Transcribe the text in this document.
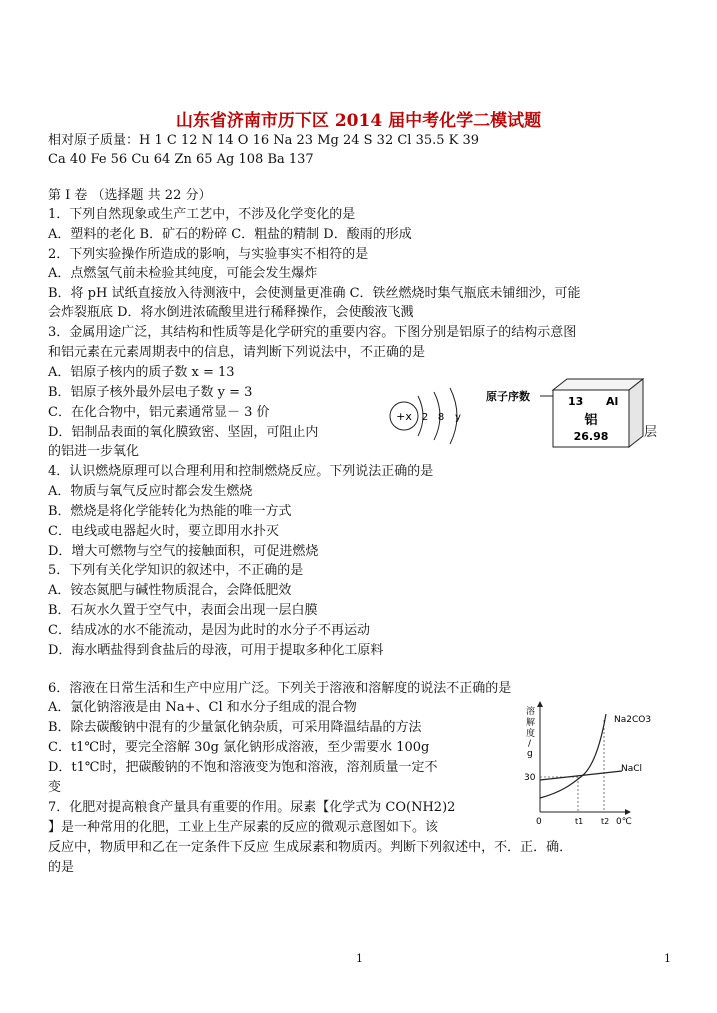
山东省济南市历下区 2014 届中考化学二模试题
相对原子质量：H 1 C 12 N 14 O 16 Na 23 Mg 24 S 32 Cl 35.5 K 39
Ca 40 Fe 56 Cu 64 Zn 65 Ag 108 Ba 137
第 I 卷 （选择题 共 22 分）
1．下列自然现象或生产工艺中，不涉及化学变化的是
A．塑料的老化 B．矿石的粉碎 C．粗盐的精制 D．酸雨的形成
2．下列实验操作所造成的影响，与实验事实不相符的是
A．点燃氢气前未检验其纯度，可能会发生爆炸
B．将 pH 试纸直接放入待测液中，会使测量更准确 C．铁丝燃烧时集气瓶底未铺细沙，可能
会炸裂瓶底 D．将水倒进浓硫酸里进行稀释操作，会使酸液飞溅
3．金属用途广泛，其结构和性质等是化学研究的重要内容。下图分别是铝原子的结构示意图
和铝元素在元素周期表中的信息，请判断下列说法中，不正确的是
A．铝原子核内的质子数 x = 13
B．铝原子核外最外层电子数 y = 3
C．在化合物中，铝元素通常显－ 3 价
D．铝制品表面的氧化膜致密、坚固，可阻止内	层
的铝进一步氧化
+x 2 8 y
原子序数	13 Al
铝
26.98
4．认识燃烧原理可以合理利用和控制燃烧反应。下列说法正确的是
A．物质与氧气反应时都会发生燃烧
B．燃烧是将化学能转化为热能的唯一方式
C．电线或电器起火时，要立即用水扑灭
D．增大可燃物与空气的接触面积，可促进燃烧
5．下列有关化学知识的叙述中，不正确的是
A．铵态氮肥与碱性物质混合，会降低肥效
B．石灰水久置于空气中，表面会出现一层白膜
C．结成冰的水不能流动，是因为此时的水分子不再运动
D．海水晒盐得到食盐后的母液，可用于提取多种化工原料
6．溶液在日常生活和生产中应用广泛。下列关于溶液和溶解度的说法不正确的是
A．氯化钠溶液是由 Na+、Cl 和水分子组成的混合物
B．除去碳酸钠中混有的少量氯化钠杂质，可采用降温结晶的方法
C．t1℃时，要完全溶解 30g 氯化钠形成溶液，至少需要水 100g
D．t1℃时，把碳酸钠的不饱和溶液变为饱和溶液，溶剂质量一定不
变
溶
解
度
/
g
Na2CO3
NaCl
30
0	t1 t2 0℃
7．化肥对提高粮食产量具有重要的作用。尿素【化学式为 CO(NH2)2
】是一种常用的化肥，工业上生产尿素的反应的微观示意图如下。该
反应中，物质甲和乙在一定条件下反应 生成尿素和物质丙。判断下列叙述中，不．正．确．
的是
1	1
